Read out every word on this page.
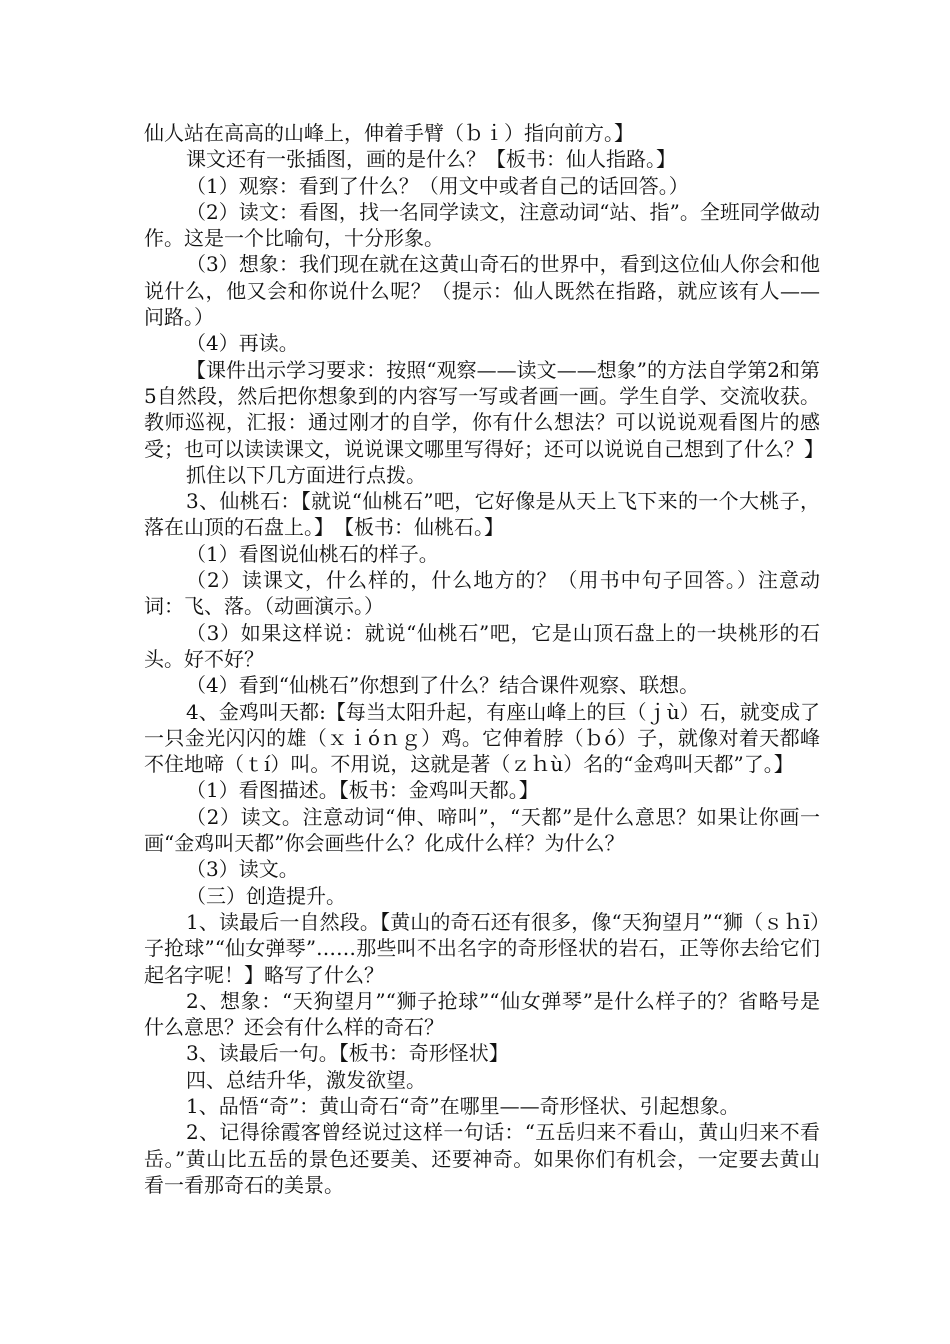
仙人站在高高的山峰上，伸着手臂（ｂｉ）指向前方。】

课文还有一张插图，画的是什么？【板书：仙人指路。】

（1）观察：看到了什么？（用文中或者自己的话回答。）

（2）读文：看图，找一名同学读文，注意动词“站、指”。全班同学做动作。这是一个比喻句，十分形象。

（3）想象：我们现在就在这黄山奇石的世界中，看到这位仙人你会和他说什么，他又会和你说什么呢？（提示：仙人既然在指路，就应该有人——问路。）

（4）再读。

【课件出示学习要求：按照“观察——读文——想象”的方法自学第2和第5自然段，然后把你想象到的内容写一写或者画一画。学生自学、交流收获。教师巡视，汇报：通过刚才的自学，你有什么想法？可以说说观看图片的感受；也可以读读课文，说说课文哪里写得好；还可以说说自己想到了什么？】

抓住以下几方面进行点拨。

3、仙桃石：【就说“仙桃石”吧，它好像是从天上飞下来的一个大桃子，落在山顶的石盘上。】　【板书：仙桃石。】

（1）看图说仙桃石的样子。

（2）读课文，什么样的，什么地方的？（用书中句子回答。）注意动词：飞、落。（动画演示。）

（3）如果这样说：就说“仙桃石”吧，它是山顶石盘上的一块桃形的石头。好不好？

（4）看到“仙桃石”你想到了什么？结合课件观察、联想。

4、金鸡叫天都:【每当太阳升起，有座山峰上的巨（ｊù）石，就变成了一只金光闪闪的雄（ｘｉóｎｇ）鸡。它伸着脖（ｂó）子，就像对着天都峰不住地啼（ｔí）叫。不用说，这就是著（ｚｈù）名的“金鸡叫天都”了。】

（1）看图描述。【板书：金鸡叫天都。】

（2）读文。注意动词“伸、啼叫”，“天都”是什么意思？如果让你画一画“金鸡叫天都”你会画些什么？化成什么样？为什么？

（3）读文。

（三）创造提升。

1、读最后一自然段。【黄山的奇石还有很多，像“天狗望月”“狮（ｓｈī）子抢球”“仙女弹琴”……那些叫不出名字的奇形怪状的岩石，正等你去给它们起名字呢！】略写了什么？

2、想象：“天狗望月”“狮子抢球”“仙女弹琴”是什么样子的？省略号是什么意思？还会有什么样的奇石？

3、读最后一句。【板书：奇形怪状】

四、总结升华，激发欲望。

1、品悟“奇”：黄山奇石“奇”在哪里——奇形怪状、引起想象。

2、记得徐霞客曾经说过这样一句话：“五岳归来不看山，黄山归来不看岳。”黄山比五岳的景色还要美、还要神奇。如果你们有机会，一定要去黄山看一看那奇石的美景。
